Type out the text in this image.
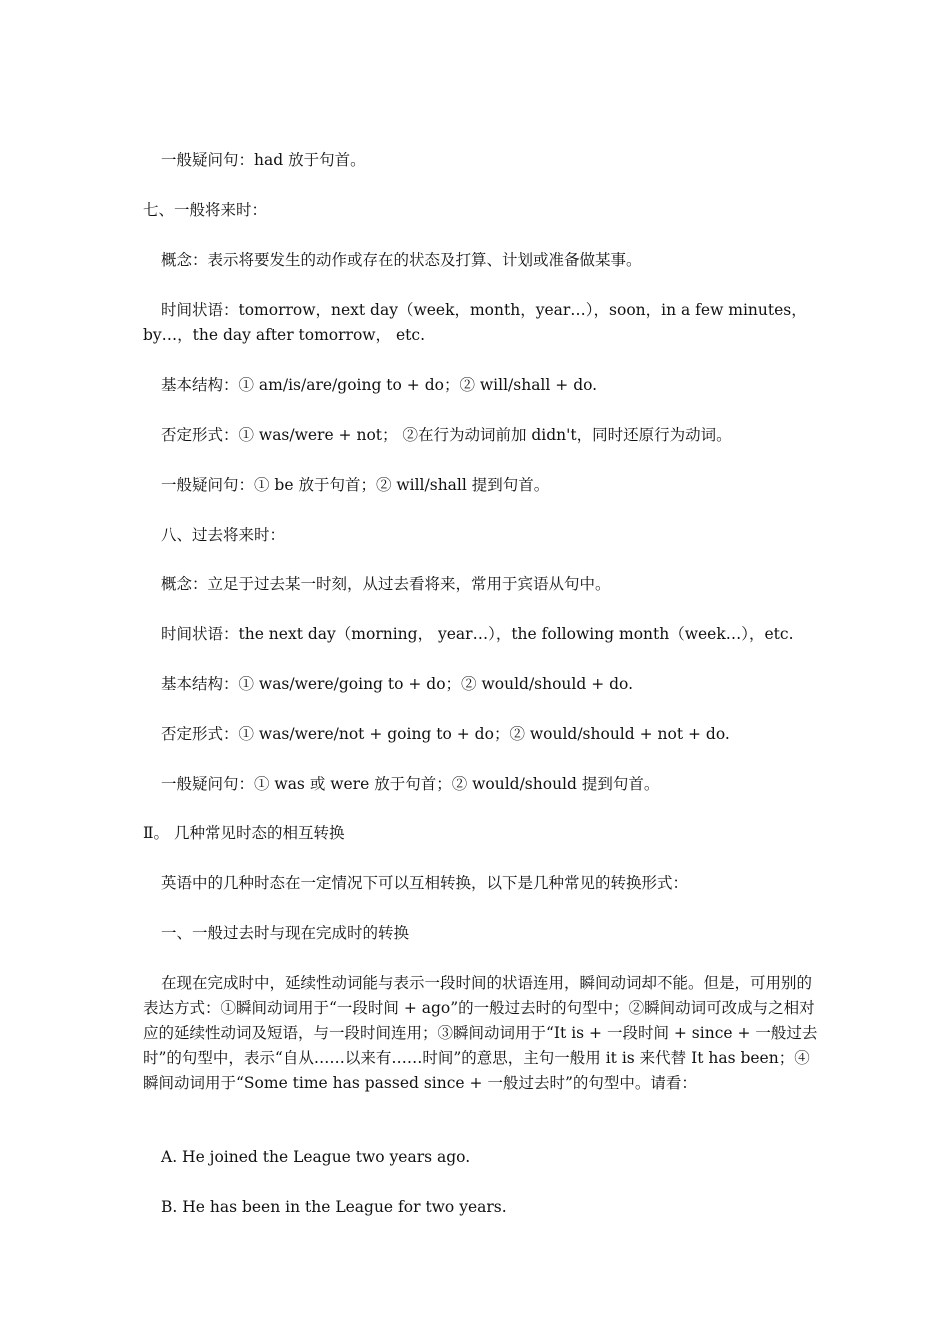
一般疑问句：had 放于句首。

七、一般将来时：

概念：表示将要发生的动作或存在的状态及打算、计划或准备做某事。

时间状语：tomorrow，next day（week，month，year…），soon，in a few minutes，by…，the day after tomorrow， etc.

基本结构：① am/is/are/going to + do；② will/shall + do.

否定形式：① was/were + not； ②在行为动词前加 didn't，同时还原行为动词。

一般疑问句：① be 放于句首；② will/shall 提到句首。

八、过去将来时：

概念：立足于过去某一时刻，从过去看将来，常用于宾语从句中。

时间状语：the next day（morning， year…），the following month（week…），etc.

基本结构：① was/were/going to + do；② would/should + do.

否定形式：① was/were/not + going to + do；② would/should + not + do.

一般疑问句：① was 或 were 放于句首；② would/should 提到句首。

Ⅱ。 几种常见时态的相互转换

英语中的几种时态在一定情况下可以互相转换，以下是几种常见的转换形式：

一、一般过去时与现在完成时的转换

在现在完成时中，延续性动词能与表示一段时间的状语连用，瞬间动词却不能。但是，可用别的表达方式：①瞬间动词用于“一段时间 + ago”的一般过去时的句型中；②瞬间动词可改成与之相对应的延续性动词及短语，与一段时间连用；③瞬间动词用于“It is + 一段时间 + since + 一般过去时”的句型中，表示“自从……以来有……时间”的意思，主句一般用 it is 来代替 It has been；④瞬间动词用于“Some time has passed since + 一般过去时”的句型中。请看：

A. He joined the League two years ago.

B. He has been in the League for two years.
